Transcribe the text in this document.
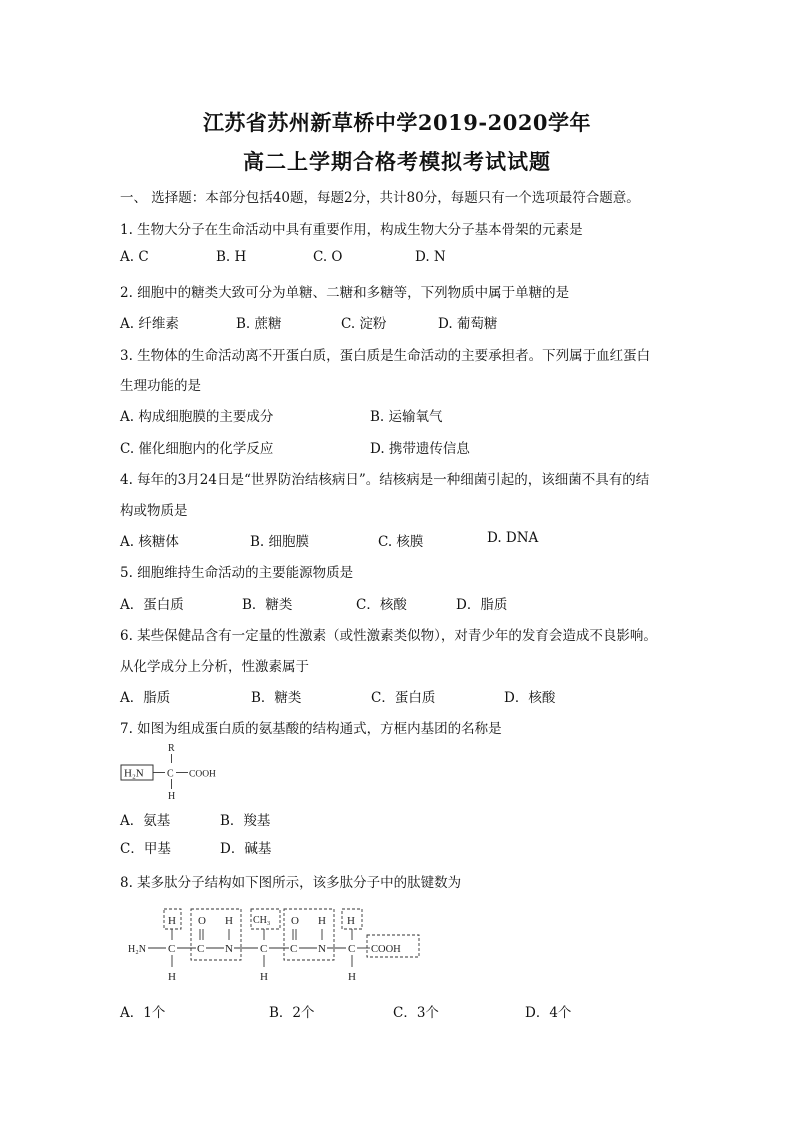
江苏省苏州新草桥中学2019-2020学年
高二上学期合格考模拟考试试题
一、 选择题：本部分包括40题，每题2分，共计80分，每题只有一个选项最符合题意。
1. 生物大分子在生命活动中具有重要作用，构成生物大分子基本骨架的元素是
A. C	B. H	C. O	D. N
2. 细胞中的糖类大致可分为单糖、二糖和多糖等，下列物质中属于单糖的是
A. 纤维素	B. 蔗糖	C. 淀粉	D. 葡萄糖
3. 生物体的生命活动离不开蛋白质，蛋白质是生命活动的主要承担者。下列属于血红蛋白
生理功能的是
A. 构成细胞膜的主要成分	B. 运输氧气
C. 催化细胞内的化学反应	D. 携带遗传信息
4. 每年的3月24日是“世界防治结核病日”。结核病是一种细菌引起的，该细菌不具有的结
构或物质是
A. 核糖体	B. 细胞膜	C. 核膜	D. DNA
5. 细胞维持生命活动的主要能源物质是
A．蛋白质	B．糖类	C．核酸	D．脂质
6. 某些保健品含有一定量的性激素（或性激素类似物），对青少年的发育会造成不良影响。
从化学成分上分析，性激素属于
A．脂质	B．糖类	C．蛋白质	D．核酸
7. 如图为组成蛋白质的氨基酸的结构通式，方框内基团的名称是
R
H₂N C COOH
H
A．氨基	B．羧基
C．甲基	D．碱基
8. 某多肽分子结构如下图所示，该多肽分子中的肽键数为
H O H CH₃ O H H
H₂N C C N C C N C COOH
H	H	H
A．1个	B．2个	C．3个	D．4个
